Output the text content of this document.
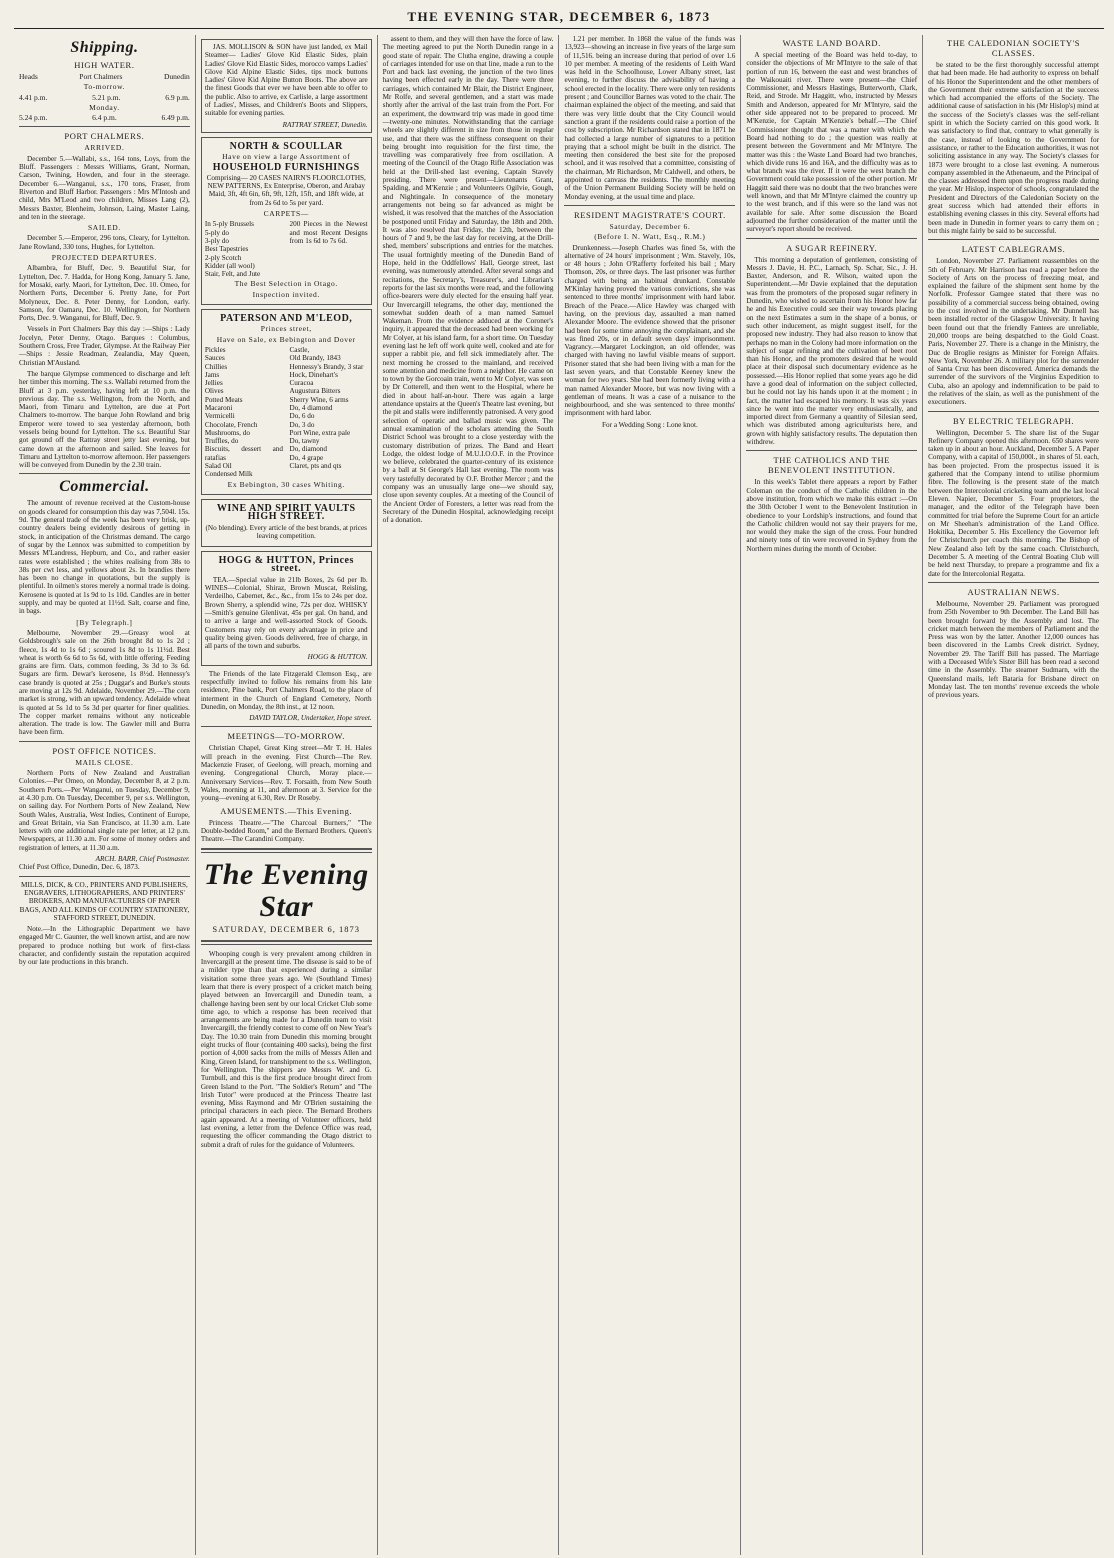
THE EVENING STAR, DECEMBER 6, 1873
Shipping.
HIGH WATER.
Heads	Port Chalmers	Dunedin
To-morrow.
4.41 p.m.	5.21 p.m.	6.9 p.m.
Monday.
5.24 p.m.	6.4 p.m.	6.49 p.m.
PORT CHALMERS.
ARRIVED.

December 5.—Wallabi, s.s., 164 tons, Loys, from the Bluff. Passengers : Messrs Williams, Grant, Norman, Carson, Twining, Howden, and four in the steerage. December 6.—Wanganui, s.s., 170 tons, Fraser, from Riverton and Bluff Harbor. Passengers : Mrs M'Intosh and child, Mrs M'Leod and two children, Misses Lang (2), Messrs Baxter, Blenheim, Johnson, Laing, Master Laing, and ten in the steerage.

SAILED.

December 5.—Emperor, 296 tons, Cleary, for Lyttelton. Jane Rowland, 330 tons, Hughes, for Lyttelton.

PROJECTED DEPARTURES.

Albambra, for Bluff, Dec. 9. Beautiful Star, for Lyttelton, Dec. 7. Hadda, for Hong Kong, January 5. Jane, for Mosaki, early. Maori, for Lyttelton, Dec. 10. Omeo, for Northern Ports, December 6. Pretty Jane, for Port Molyneux, Dec. 8. Peter Denny, for London, early. Samson, for Oamaru, Dec. 10. Wellington, for Northern Ports, Dec. 9. Wanganui, for Bluff, Dec. 9.

Vessels in Port Chalmers Bay this day :—Ships : Lady Jocelyn, Peter Denny, Otago. Barques : Columbus, Southern Cross, Free Trader, Glympse. At the Railway Pier—Ships : Jessie Readman, Zealandia, May Queen, Christian M'Ausland.

The barque Glympse commenced to discharge and left her timber this morning. The s.s. Wallabi returned from the Bluff at 3 p.m. yesterday, having left at 10 p.m. the previous day. The s.s. Wellington, from the North, and Maori, from Timaru and Lyttelton, are due at Port Chalmers to-morrow. The barque John Rowland and brig Emperor were towed to sea yesterday afternoon, both vessels being bound for Lyttelton. The s.s. Beautiful Star got ground off the Rattray street jetty last evening, but came down at the afternoon and sailed. She leaves for Timaru and Lyttelton to-morrow afternoon. Her passengers will be conveyed from Dunedin by the 2.30 train.

Commercial.

The amount of revenue received at the Custom-house on goods cleared for consumption this day was 7,504l. 15s. 9d. The general trade of the week has been very brisk, up-country dealers being evidently desirous of getting in stock, in anticipation of the Christmas demand. The cargo of sugar by the Lennox was submitted to competition by Messrs M'Landress, Hepburn, and Co., and rather easier rates were established ; the whites realising from 38s to 38s per cwt less, and yellows about 2s. In brandies there has been no change in quotations, but the supply is plentiful. In oilmen's stores merely a normal trade is doing. Kerosene is quoted at 1s 9d to 1s 10d. Candles are in better supply, and may be quoted at 11½d. Salt, coarse and fine, in bags.

[By Telegraph.]

Melbourne, November 29.—Greasy wool at Goldsbrough's sale on the 26th brought 8d to 1s 2d ; fleece, 1s 4d to 1s 6d ; scoured 1s 8d to 1s 11½d. Best wheat is worth 6s 6d to 5s 6d, with little offering. Feeding grains are firm. Oats, common feeding, 3s 3d to 3s 6d. Sugars are firm. Dewar's kerosene, 1s 8½d. Hennessy's case brandy is quoted at 25s ; Duggar's and Burke's stouts are moving at 12s 9d. Adelaide, November 29.—The corn market is strong, with an upward tendency. Adelaide wheat is quoted at 5s 1d to 5s 3d per quarter for finer qualities. The copper market remains without any noticeable alteration. The trade is low. The Gawler mill and Burra have been firm.

POST OFFICE NOTICES.
MAILS CLOSE.

Northern Ports of New Zealand and Australian Colonies.—Per Omeo, on Monday, December 8, at 2 p.m. Southern Ports.—Per Wanganui, on Tuesday, December 9, at 4.30 p.m. On Tuesday, December 9, per s.s. Wellington, on sailing day. For Northern Ports of New Zealand, New South Wales, Australia, West Indies, Continent of Europe, and Great Britain, via San Francisco, at 11.30 a.m. Late letters with one additional single rate per letter, at 12 p.m. Newspapers, at 11.30 a.m. For some of money orders and registration of letters, at 11.30 a.m.

ARCH. BARR, Chief Postmaster.
Chief Post Office, Dunedin, Dec. 6, 1873.

MILLS, DICK, & CO., PRINTERS AND PUBLISHERS, ENGRAVERS, LITHOGRAPHERS, AND PRINTERS' BROKERS, AND MANUFACTURERS OF PAPER BAGS, AND ALL KINDS OF COUNTRY STATIONERY, STAFFORD STREET, DUNEDIN.

Note.—In the Lithographic Department we have engaged Mr C. Gaunter, the well known artist, and are now prepared to produce nothing but work of first-class character, and confidently sustain the reputation acquired by our late productions in this branch.

JAS. MOLLISON & SON have just landed, ex Mail Steamer— Ladies' Glove Kid Elastic Sides, plain Ladies' Glove Kid Elastic Sides, morocco vamps Ladies' Glove Kid Alpine Elastic Sides, tips mock buttons Ladies' Glove Kid Alpine Button Boots. The above are the finest Goods that ever we have been able to offer to the public. Also to arrive, ex Carlisle, a large assortment of Ladies', Misses, and Children's Boots and Slippers, suitable for evening parties.

RATTRAY STREET, Dunedin.
NORTH & SCOULLAR
Have on view a large Assortment of
HOUSEHOLD FURNISHINGS

Comprising— 20 CASES NAIRN'S FLOORCLOTHS, NEW PATTERNS, Ex Enterprise, Oberon, and Arabay Maid, 3ft, 4ft 6in, 6ft, 9ft, 12ft, 15ft, and 18ft wide, at from 2s 6d to 5s per yard.

CARPETS—
In 5-ply Brussels
5-ply do
3-ply do
Best Tapestries
2-ply Scotch
Kidder (all wool)
Stair, Felt, and Jute
200 Pieces in the Newest and most Recent Designs from 1s 6d to 7s 6d.
The Best Selection in Otago.
Inspection invited.
PATERSON AND M'LEOD,
Princes street,
Have on Sale, ex Bebington and Dover
Pickles
Sauces
Chillies
Jams
Jellies
Olives
Potted Meats
Macaroni
Vermicelli
Chocolate, French
Mushrooms, do
Truffles, do
Biscuits, dessert and ratafias
Salad Oil
Condensed Milk
Castle,
Old Brandy, 1843
Hennessy's Brandy, 3 star
Hock, Dinehart's
Curacoa
Augustura Bitters
Sherry Wine, 6 arms
Do, 4 diamond
Do, 6 do
Do, 3 do
Port Wine, extra pale
Do, tawny
Do, diamond
Do, 4 grape
Claret, pts and qts
Ex Bebington, 30 cases Whiting.
WINE AND SPIRIT VAULTS HIGH STREET.

(No blending). Every article of the best brands, at prices leaving competition.

HOGG & HUTTON, Princes street.

TEA.—Special value in 21lb Boxes, 2s 6d per lb. WINES—Colonial, Shiraz, Brown Muscat, Reisling, Verdeilho, Cabernet, &c., &c., from 15s to 24s per doz. Brown Sherry, a splendid wine, 72s per doz. WHISKY—Smith's genuine Glenlivat, 45s per gal. On hand, and to arrive a large and well-assorted Stock of Goods. Customers may rely on every advantage in price and quality being given. Goods delivered, free of charge, in all parts of the town and suburbs.

HOGG & HUTTON.

The Friends of the late Fitzgerald Clemson Esq., are respectfully invited to follow his remains from his late residence, Pine bank, Port Chalmers Road, to the place of interment in the Church of England Cemetery, North Dunedin, on Monday, the 8th inst., at 12 noon.

DAVID TAYLOR, Undertaker, Hope street.
MEETINGS—TO-MORROW.

Christian Chapel, Great King street—Mr T. H. Hales will preach in the evening. First Church—The Rev. Mackenzie Fraser, of Geelong, will preach, morning and evening. Congregational Church, Moray place.—Anniversary Services—Rev. T. Forsaith, from New South Wales, morning at 11, and afternoon at 3. Service for the young—evening at 6.30, Rev. Dr Roseby.

AMUSEMENTS.—This Evening.

Princess Theatre.—"The Charcoal Burners," "The Double-bedded Room," and the Bernard Brothers. Queen's Theatre.—The Carandini Company.

The Evening Star
SATURDAY, DECEMBER 6, 1873

Whooping cough is very prevalent among children in Invercargill at the present time. The disease is said to be of a milder type than that experienced during a similar visitation some three years ago. We (Southland Times) learn that there is every prospect of a cricket match being played between an Invercargill and Dunedin team, a challenge having been sent by our local Cricket Club some time ago, to which a response has been received that arrangements are being made for a Dunedin team to visit Invercargill, the friendly contest to come off on New Year's Day. The 10.30 train from Dunedin this morning brought eight trucks of flour (containing 400 sacks), being the first portion of 4,000 sacks from the mills of Messrs Allen and King, Green Island, for transhipment to the s.s. Wellington, for Wellington. The shippers are Messrs W. and G. Turnbull, and this is the first produce brought direct from Green Island to the Port. "The Soldier's Return" and "The Irish Tutor" were produced at the Princess Theatre last evening, Miss Raymond and Mr O'Brien sustaining the principal characters in each piece. The Bernard Brothers again appeared. At a meeting of Volunteer officers, held last evening, a letter from the Defence Office was read, requesting the officer commanding the Otago district to submit a draft of rules for the guidance of Volunteers.

assent to them, and they will then have the force of law. The meeting agreed to put the North Dunedin range in a good state of repair. The Clutha engine, drawing a couple of carriages intended for use on that line, made a run to the Port and back last evening, the junction of the two lines having been effected early in the day. There were three carriages, which contained Mr Blair, the District Engineer, Mr Rolfe, and several gentlemen, and a start was made shortly after the arrival of the last train from the Port. For an experiment, the downward trip was made in good time—twenty-one minutes. Notwithstanding that the carriage wheels are slightly different in size from those in regular use, and that there was the stiffness consequent on their being brought into requisition for the first time, the travelling was comparatively free from oscillation. A meeting of the Council of the Otago Rifle Association was held at the Drill-shed last evening, Captain Stavely presiding. There were present—Lieutenants Grant, Spalding, and M'Kenzie ; and Volunteers Ogilvie, Gough, and Nightingale. In consequence of the monetary arrangements not being so far advanced as might be wished, it was resolved that the matches of the Association be postponed until Friday and Saturday, the 18th and 20th. It was also resolved that Friday, the 12th, between the hours of 7 and 9, be the last day for receiving, at the Drill-shed, members' subscriptions and entries for the matches. The usual fortnightly meeting of the Dunedin Band of Hope, held in the Oddfellows' Hall, George street, last evening, was numerously attended. After several songs and recitations, the Secretary's, Treasurer's, and Librarian's reports for the last six months were read, and the following office-bearers were duly elected for the ensuing half year. Our Invercargill telegrams, the other day, mentioned the somewhat sudden death of a man named Samuel Wakeman. From the evidence adduced at the Coroner's inquiry, it appeared that the deceased had been working for Mr Colyer, at his island farm, for a short time. On Tuesday evening last he left off work quite well, cooked and ate for supper a rabbit pie, and fell sick immediately after. The next morning he crossed to the mainland, and received some attention and medicine from a neighbor. He came on to town by the Gorcoain train, went to Mr Colyer, was seen by Dr Cotterell, and then went to the Hospital, where he died in about half-an-hour. There was again a large attendance upstairs at the Queen's Theatre last evening, but the pit and stalls were indifferently patronised. A very good selection of operatic and ballad music was given. The annual examination of the scholars attending the South District School was brought to a close yesterday with the customary distribution of prizes. The Band and Heart Lodge, the oldest lodge of M.U.I.O.O.F. in the Province we believe, celebrated the quarter-century of its existence by a ball at St George's Hall last evening. The room was very tastefully decorated by O.F. Brother Mercer ; and the company was an unusually large one—we should say, close upon seventy couples. At a meeting of the Council of the Ancient Order of Foresters, a letter was read from the Secretary of the Dunedin Hospital, acknowledging receipt of a donation.

1.21 per member. In 1868 the value of the funds was 13,923—showing an increase in five years of the large sum of 11,516. being an increase during that period of over 1.6 10 per member. A meeting of the residents of Leith Ward was held in the Schoolhouse, Lower Albany street, last evening, to further discuss the advisability of having a school erected in the locality. There were only ten residents present ; and Councillor Barnes was voted to the chair. The chairman explained the object of the meeting, and said that there was very little doubt that the City Council would sanction a grant if the residents could raise a portion of the cost by subscription. Mr Richardson stated that in 1871 he had collected a large number of signatures to a petition praying that a school might be built in the district. The meeting then considered the best site for the proposed school, and it was resolved that a committee, consisting of the chairman, Mr Richardson, Mr Caldwell, and others, be appointed to canvass the residents. The monthly meeting of the Union Permanent Building Society will be held on Monday evening, at the usual time and place.

RESIDENT MAGISTRATE'S COURT.
Saturday, December 6.
(Before I. N. Watt, Esq., R.M.)

Drunkenness.—Joseph Charles was fined 5s, with the alternative of 24 hours' imprisonment ; Wm. Stavely, 10s, or 48 hours ; John O'Rafferty forfeited his bail ; Mary Thomson, 20s, or three days. The last prisoner was further charged with being an habitual drunkard. Constable M'Kinlay having proved the various convictions, she was sentenced to three months' imprisonment with hard labor. Breach of the Peace.—Alice Hawley was charged with having, on the previous day, assaulted a man named Alexander Moore. The evidence showed that the prisoner had been for some time annoying the complainant, and she was fined 20s, or in default seven days' imprisonment. Vagrancy.—Margaret Lockington, an old offender, was charged with having no lawful visible means of support. Prisoner stated that she had been living with a man for the last seven years, and that Constable Keeney knew the woman for two years. She had been formerly living with a man named Alexander Moore, but was now living with a gentleman of means. It was a case of a nuisance to the neighbourhood, and she was sentenced to three months' imprisonment with hard labor.

For a Wedding Song : Lone knot.
WASTE LAND BOARD.

A special meeting of the Board was held to-day, to consider the objections of Mr M'Intyre to the sale of that portion of run 16, between the east and west branches of the Waikouaiti river. There were present—the Chief Commissioner, and Messrs Hastings, Butterworth, Clark, Reid, and Strode. Mr Haggitt, who, instructed by Messrs Smith and Anderson, appeared for Mr M'Intyre, said the other side appeared not to be prepared to proceed. Mr M'Kenzie, for Captain M'Kenzie's behalf.—The Chief Commissioner thought that was a matter with which the Board had nothing to do ; the question was really at present between the Government and Mr M'Intyre. The matter was this : the Waste Land Board had two branches, which divide runs 16 and 16A, and the difficulty was as to what branch was the river. If it were the west branch the Government could take possession of the other portion. Mr Haggitt said there was no doubt that the two branches were well known, and that Mr M'Intyre claimed the country up to the west branch, and if this were so the land was not available for sale. After some discussion the Board adjourned the further consideration of the matter until the surveyor's report should be received.

A SUGAR REFINERY.

This morning a deputation of gentlemen, consisting of Messrs J. Davie, H. P.C., Larnach, Sp. Schar, Sic., J. H. Baxter, Anderson, and R. Wilson, waited upon the Superintendent.—Mr Davie explained that the deputation was from the promoters of the proposed sugar refinery in Dunedin, who wished to ascertain from his Honor how far he and his Executive could see their way towards placing on the next Estimates a sum in the shape of a bonus, or such other inducement, as might suggest itself, for the proposed new industry. They had also reason to know that perhaps no man in the Colony had more information on the subject of sugar refining and the cultivation of beet root than his Honor, and the promoters desired that he would place at their disposal such documentary evidence as he possessed.—His Honor replied that some years ago he did have a good deal of information on the subject collected, but he could not lay his hands upon it at the moment ; in fact, the matter had escaped his memory. It was six years since he went into the matter very enthusiastically, and imported direct from Germany a quantity of Silesian seed, which was distributed among agriculturists here, and grown with highly satisfactory results. The deputation then withdrew.

THE CATHOLICS AND THE BENEVOLENT INSTITUTION.

In this week's Tablet there appears a report by Father Coleman on the conduct of the Catholic children in the above institution, from which we make this extract :—On the 30th October I went to the Benevolent Institution in obedience to your Lordship's instructions, and found that the Catholic children would not say their prayers for me, nor would they make the sign of the cross. Four hundred and ninety tons of tin were recovered in Sydney from the Northern mines during the month of October.

THE CALEDONIAN SOCIETY'S CLASSES.

be stated to be the first thoroughly successful attempt that had been made. He had authority to express on behalf of his Honor the Superintendent and the other members of the Government their extreme satisfaction at the success which had accompanied the efforts of the Society. The additional cause of satisfaction in his (Mr Hislop's) mind at the success of the Society's classes was the self-reliant spirit in which the Society carried on this good work. It was satisfactory to find that, contrary to what generally is the case, instead of looking to the Government for assistance, or rather to the Education authorities, it was not soliciting assistance in any way. The Society's classes for 1873 were brought to a close last evening. A numerous company assembled in the Athenaeum, and the Principal of the classes addressed them upon the progress made during the year. Mr Hislop, inspector of schools, congratulated the President and Directors of the Caledonian Society on the great success which had attended their efforts in establishing evening classes in this city. Several efforts had been made in Dunedin in former years to carry them on ; but this might fairly be said to be successful.

LATEST CABLEGRAMS.

London, November 27. Parliament reassembles on the 5th of February. Mr Harrison has read a paper before the Society of Arts on the process of freezing meat, and explained the failure of the shipment sent home by the Norfolk. Professor Gamgee stated that there was no possibility of a commercial success being obtained, owing to the cost involved in the undertaking. Mr Dunnell has been installed rector of the Glasgow University. It having been found out that the friendly Fantees are unreliable, 20,000 troops are being despatched to the Gold Coast. Paris, November 27. There is a change in the Ministry, the Duc de Broglie resigns as Minister for Foreign Affairs. New York, November 26. A military plot for the surrender of Santa Cruz has been discovered. America demands the surrender of the survivors of the Virginius Expedition to Cuba, also an apology and indemnification to be paid to the relatives of the slain, as well as the punishment of the executioners.

BY ELECTRIC TELEGRAPH.

Wellington, December 5. The share list of the Sugar Refinery Company opened this afternoon. 650 shares were taken up in about an hour. Auckland, December 5. A Paper Company, with a capital of 150,000l., in shares of 5l. each, has been projected. From the prospectus issued it is gathered that the Company intend to utilise phormium fibre. The following is the present state of the match between the Intercolonial cricketing team and the last local Eleven. Napier, December 5. Four proprietors, the manager, and the editor of the Telegraph have been committed for trial before the Supreme Court for an article on Mr Sheehan's administration of the Land Office. Hokitika, December 5. His Excellency the Governor left for Christchurch per coach this morning. The Bishop of New Zealand also left by the same coach. Christchurch, December 5. A meeting of the Central Boating Club will be held next Thursday, to prepare a programme and fix a date for the Intercolonial Regatta.

AUSTRALIAN NEWS.

Melbourne, November 29. Parliament was prorogued from 25th November to 9th December. The Land Bill has been brought forward by the Assembly and lost. The cricket match between the members of Parliament and the Press was won by the latter. Another 12,000 ounces has been discovered in the Lambs Creek district. Sydney, November 29. The Tariff Bill has passed. The Marriage with a Deceased Wife's Sister Bill has been read a second time in the Assembly. The steamer Sudmarn, with the Queensland mails, left Bataria for Brisbane direct on Monday last. The ten months' revenue exceeds the whole of previous years.
